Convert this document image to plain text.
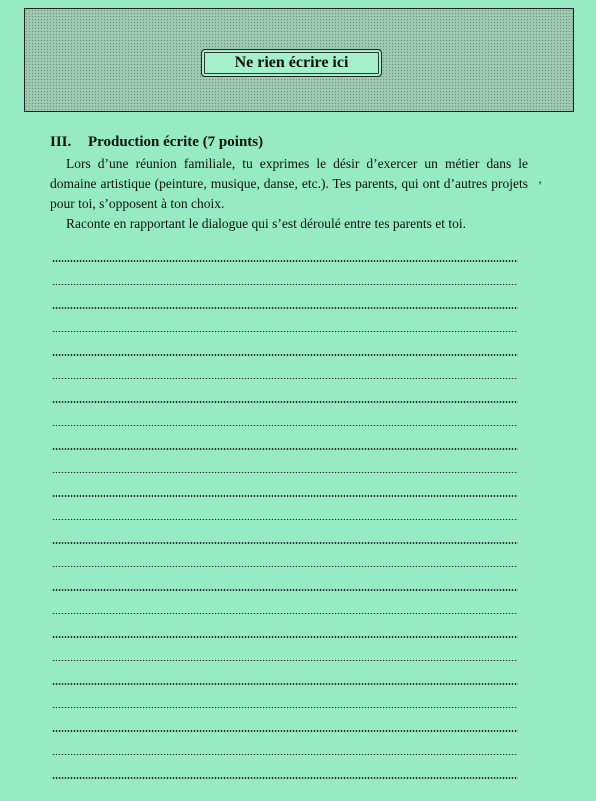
Ne rien écrire ici
III.	Production écrite (7 points)
Lors d’une réunion familiale, tu exprimes le désir d’exercer un métier dans le domaine artistique (peinture, musique, danse, etc.). Tes parents, qui ont d’autres projets pour toi, s’opposent à ton choix.
’
Raconte en rapportant le dialogue qui s’est déroulé entre tes parents et toi.
